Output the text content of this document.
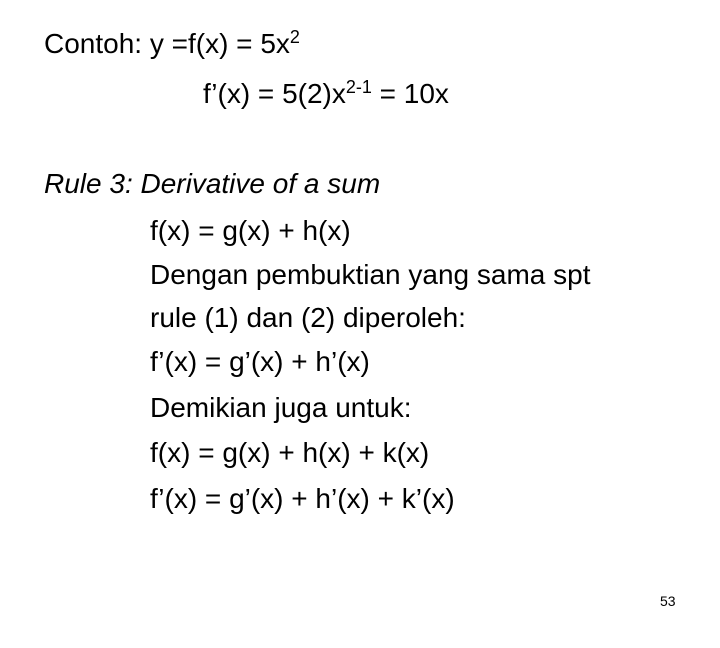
Contoh: $y =f(x) = 5x^2$
f’(x) = $5(2)x^{2-1} = 10x$
Rule 3: Derivative of a sum
f(x) = g(x) + h(x)
Dengan pembuktian yang sama spt
rule (1) dan (2) diperoleh:
f’(x) = g’(x) + h’(x)
Demikian juga untuk:
f(x) = g(x) + h(x) + k(x)
f’(x) = g’(x) + h’(x) + k’(x)
53
